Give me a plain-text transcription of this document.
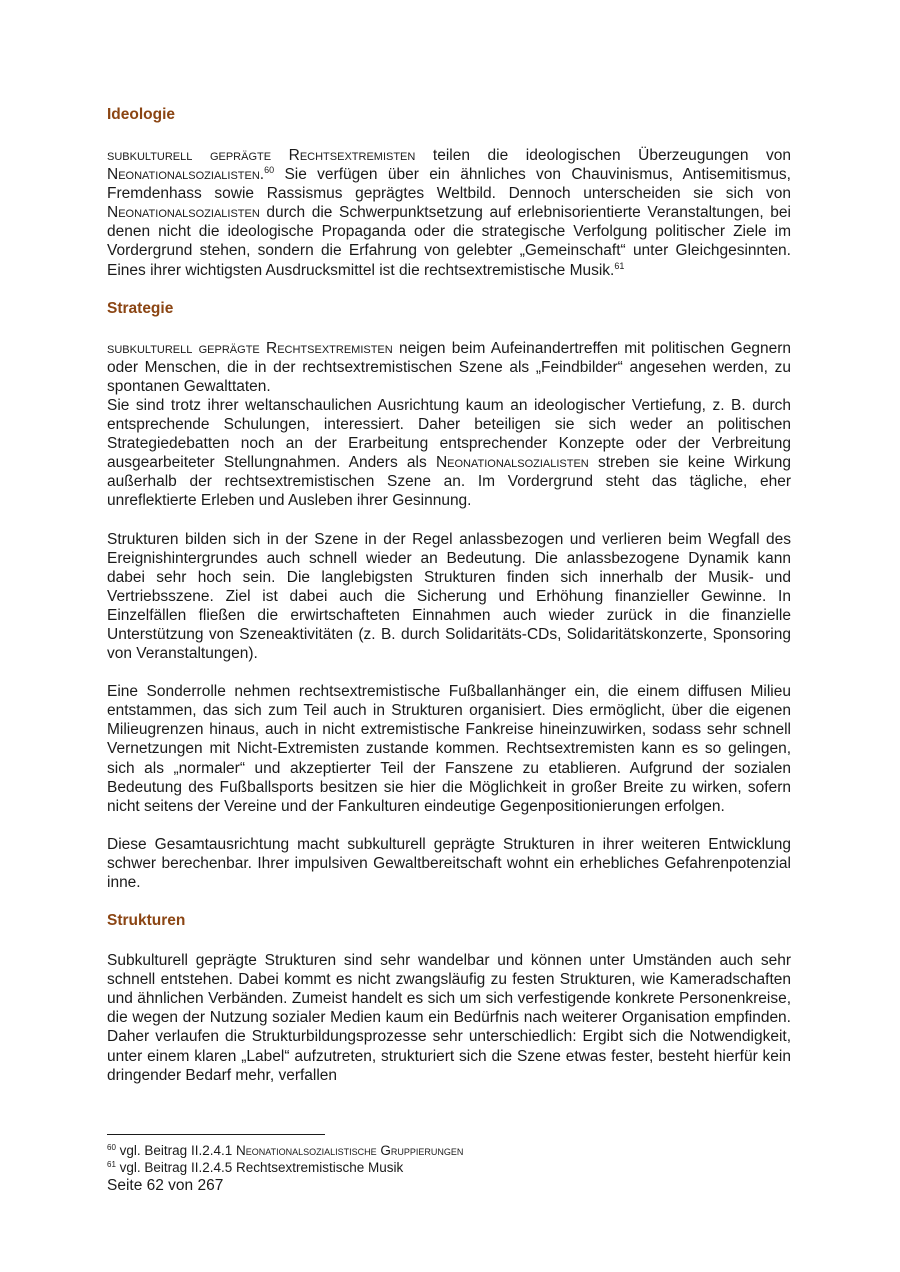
Ideologie

subkulturell geprägte Rechtsextremisten teilen die ideologischen Überzeugungen von Neonationalsozialisten.$^{60}$ Sie verfügen über ein ähnliches von Chauvinismus, Antisemitismus, Fremdenhass sowie Rassismus geprägtes Weltbild. Dennoch unterscheiden sie sich von Neonationalsozialisten durch die Schwerpunktsetzung auf erlebnisorientierte Veranstaltungen, bei denen nicht die ideologische Propaganda oder die strategische Verfolgung politischer Ziele im Vordergrund stehen, sondern die Erfahrung von gelebter „Gemeinschaft“ unter Gleichgesinnten. Eines ihrer wichtigsten Ausdrucksmittel ist die rechtsextremistische Musik.$^{61}$

Strategie

subkulturell geprägte Rechtsextremisten neigen beim Aufeinandertreffen mit politischen Gegnern oder Menschen, die in der rechtsextremistischen Szene als „Feindbilder“ angesehen werden, zu spontanen Gewalttaten.

Sie sind trotz ihrer weltanschaulichen Ausrichtung kaum an ideologischer Vertiefung, z. B. durch entsprechende Schulungen, interessiert. Daher beteiligen sie sich weder an politischen Strategiedebatten noch an der Erarbeitung entsprechender Konzepte oder der Verbreitung ausgearbeiteter Stellungnahmen. Anders als Neonationalsozialisten streben sie keine Wirkung außerhalb der rechtsextremistischen Szene an. Im Vordergrund steht das tägliche, eher unreflektierte Erleben und Ausleben ihrer Gesinnung.

Strukturen bilden sich in der Szene in der Regel anlassbezogen und verlieren beim Wegfall des Ereignishintergrundes auch schnell wieder an Bedeutung. Die anlassbezogene Dynamik kann dabei sehr hoch sein. Die langlebigsten Strukturen finden sich innerhalb der Musik- und Vertriebsszene. Ziel ist dabei auch die Sicherung und Erhöhung finanzieller Gewinne. In Einzelfällen fließen die erwirtschafteten Einnahmen auch wieder zurück in die finanzielle Unterstützung von Szeneaktivitäten (z. B. durch Solidaritäts-CDs, Solidaritätskonzerte, Sponsoring von Veranstaltungen).

Eine Sonderrolle nehmen rechtsextremistische Fußballanhänger ein, die einem diffusen Milieu entstammen, das sich zum Teil auch in Strukturen organisiert. Dies ermöglicht, über die eigenen Milieugrenzen hinaus, auch in nicht extremistische Fankreise hineinzuwirken, sodass sehr schnell Vernetzungen mit Nicht-Extremisten zustande kommen. Rechtsextremisten kann es so gelingen, sich als „normaler“ und akzeptierter Teil der Fanszene zu etablieren. Aufgrund der sozialen Bedeutung des Fußballsports besitzen sie hier die Möglichkeit in großer Breite zu wirken, sofern nicht seitens der Vereine und der Fankulturen eindeutige Gegenpositionierungen erfolgen.

Diese Gesamtausrichtung macht subkulturell geprägte Strukturen in ihrer weiteren Entwicklung schwer berechenbar. Ihrer impulsiven Gewaltbereitschaft wohnt ein erhebliches Gefahrenpotenzial inne.

Strukturen

Subkulturell geprägte Strukturen sind sehr wandelbar und können unter Umständen auch sehr schnell entstehen. Dabei kommt es nicht zwangsläufig zu festen Strukturen, wie Kameradschaften und ähnlichen Verbänden. Zumeist handelt es sich um sich verfestigende konkrete Personenkreise, die wegen der Nutzung sozialer Medien kaum ein Bedürfnis nach weiterer Organisation empfinden. Daher verlaufen die Strukturbildungsprozesse sehr unterschiedlich: Ergibt sich die Notwendigkeit, unter einem klaren „Label“ aufzutreten, strukturiert sich die Szene etwas fester, besteht hierfür kein dringender Bedarf mehr, verfallen

$^{60}$ vgl. Beitrag II.2.4.1 Neonationalsozialistische Gruppierungen
$^{61}$ vgl. Beitrag II.2.4.5 Rechtsextremistische Musik
Seite 62 von 267
